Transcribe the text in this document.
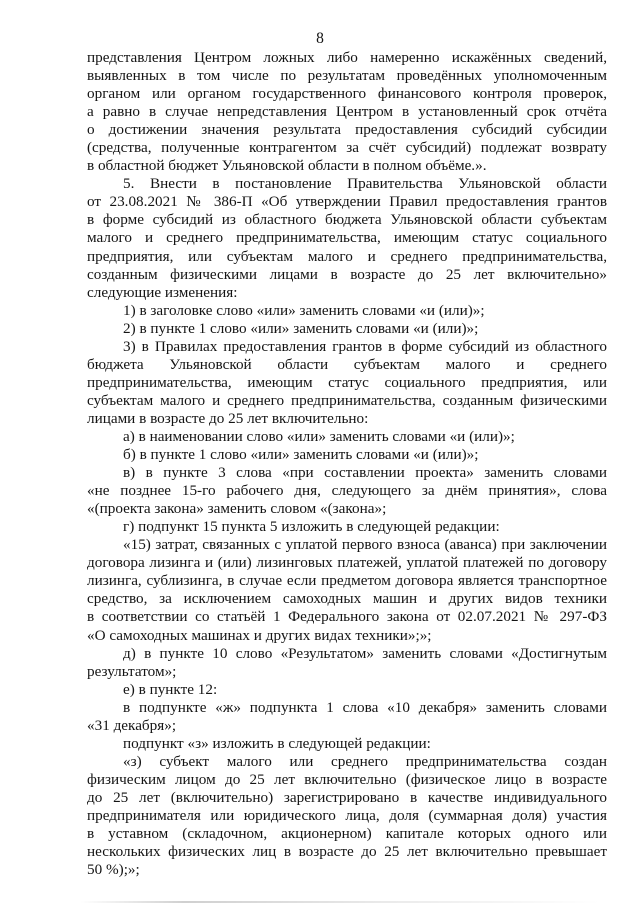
8
представления Центром ложных либо намеренно искажённых сведений,
выявленных в том числе по результатам проведённых уполномоченным
органом или органом государственного финансового контроля проверок,
а равно в случае непредставления Центром в установленный срок отчёта
о достижении значения результата предоставления субсидий субсидии
(средства, полученные контрагентом за счёт субсидий) подлежат возврату
в областной бюджет Ульяновской области в полном объёме.».
5. Внести в постановление Правительства Ульяновской области
от 23.08.2021 № 386-П «Об утверждении Правил предоставления грантов
в форме субсидий из областного бюджета Ульяновской области субъектам
малого и среднего предпринимательства, имеющим статус социального
предприятия, или субъектам малого и среднего предпринимательства,
созданным физическими лицами в возрасте до 25 лет включительно»
следующие изменения:
1) в заголовке слово «или» заменить словами «и (или)»;
2) в пункте 1 слово «или» заменить словами «и (или)»;
3) в Правилах предоставления грантов в форме субсидий из областного
бюджета Ульяновской области субъектам малого и среднего
предпринимательства, имеющим статус социального предприятия, или
субъектам малого и среднего предпринимательства, созданным физическими
лицами в возрасте до 25 лет включительно:
а) в наименовании слово «или» заменить словами «и (или)»;
б) в пункте 1 слово «или» заменить словами «и (или)»;
в) в пункте 3 слова «при составлении проекта» заменить словами
«не позднее 15-го рабочего дня, следующего за днём принятия», слова
«(проекта закона» заменить словом «(закона»;
г) подпункт 15 пункта 5 изложить в следующей редакции:
«15) затрат, связанных с уплатой первого взноса (аванса) при заключении
договора лизинга и (или) лизинговых платежей, уплатой платежей по договору
лизинга, сублизинга, в случае если предметом договора является транспортное
средство, за исключением самоходных машин и других видов техники
в соответствии со статьёй 1 Федерального закона от 02.07.2021 № 297-ФЗ
«О самоходных машинах и других видах техники»;»;
д) в пункте 10 слово «Результатом» заменить словами «Достигнутым
результатом»;
е) в пункте 12:
в подпункте «ж» подпункта 1 слова «10 декабря» заменить словами
«31 декабря»;
подпункт «з» изложить в следующей редакции:
«з) субъект малого или среднего предпринимательства создан
физическим лицом до 25 лет включительно (физическое лицо в возрасте
до 25 лет (включительно) зарегистрировано в качестве индивидуального
предпринимателя или юридического лица, доля (суммарная доля) участия
в уставном (складочном, акционерном) капитале которых одного или
нескольких физических лиц в возрасте до 25 лет включительно превышает
50 %);»;
